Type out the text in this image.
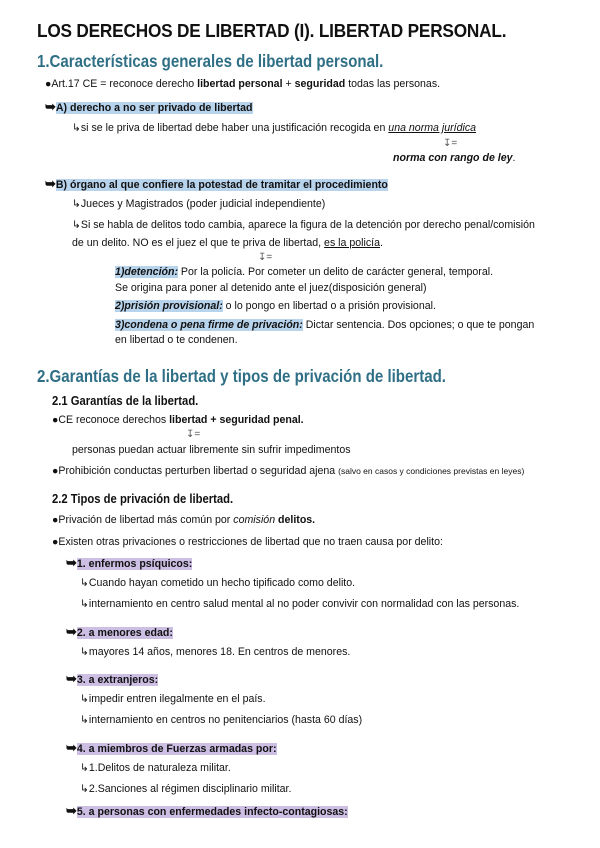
LOS DERECHOS DE LIBERTAD (I). LIBERTAD PERSONAL.
1.Características generales de libertad personal.
●Art.17 CE = reconoce derecho libertad personal + seguridad todas las personas.
➥A) derecho a no ser privado de libertad
↳si se le priva de libertad debe haber una justificación recogida en una norma jurídica
↧=
norma con rango de ley.
➥B) órgano al que confiere la potestad de tramitar el procedimiento
↳Jueces y Magistrados (poder judicial independiente)
↳Si se habla de delitos todo cambia, aparece la figura de la detención por derecho penal/comisión
de un delito. NO es el juez el que te priva de libertad, es la policía.
↧=
1)detención: Por la policía. Por cometer un delito de carácter general, temporal.
Se origina para poner al detenido ante el juez(disposición general)
2)prisión provisional: o lo pongo en libertad o a prisión provisional.
3)condena o pena firme de privación: Dictar sentencia. Dos opciones; o que te pongan
en libertad o te condenen.
2.Garantías de la libertad y tipos de privación de libertad.
2.1 Garantías de la libertad.
●CE reconoce derechos libertad + seguridad penal.
↧=
personas puedan actuar libremente sin sufrir impedimentos
●Prohibición conductas perturben libertad o seguridad ajena (salvo en casos y condiciones previstas en leyes)
2.2 Tipos de privación de libertad.
●Privación de libertad más común por comisión delitos.
●Existen otras privaciones o restricciones de libertad que no traen causa por delito:
➥1. enfermos psíquicos:
↳Cuando hayan cometido un hecho tipificado como delito.
↳internamiento en centro salud mental al no poder convivir con normalidad con las personas.
➥2. a menores edad:
↳mayores 14 años, menores 18. En centros de menores.
➥3. a extranjeros:
↳impedir entren ilegalmente en el país.
↳internamiento en centros no penitenciarios (hasta 60 días)
➥4. a miembros de Fuerzas armadas por:
↳1.Delitos de naturaleza militar.
↳2.Sanciones al régimen disciplinario militar.
➥5. a personas con enfermedades infecto-contagiosas:
